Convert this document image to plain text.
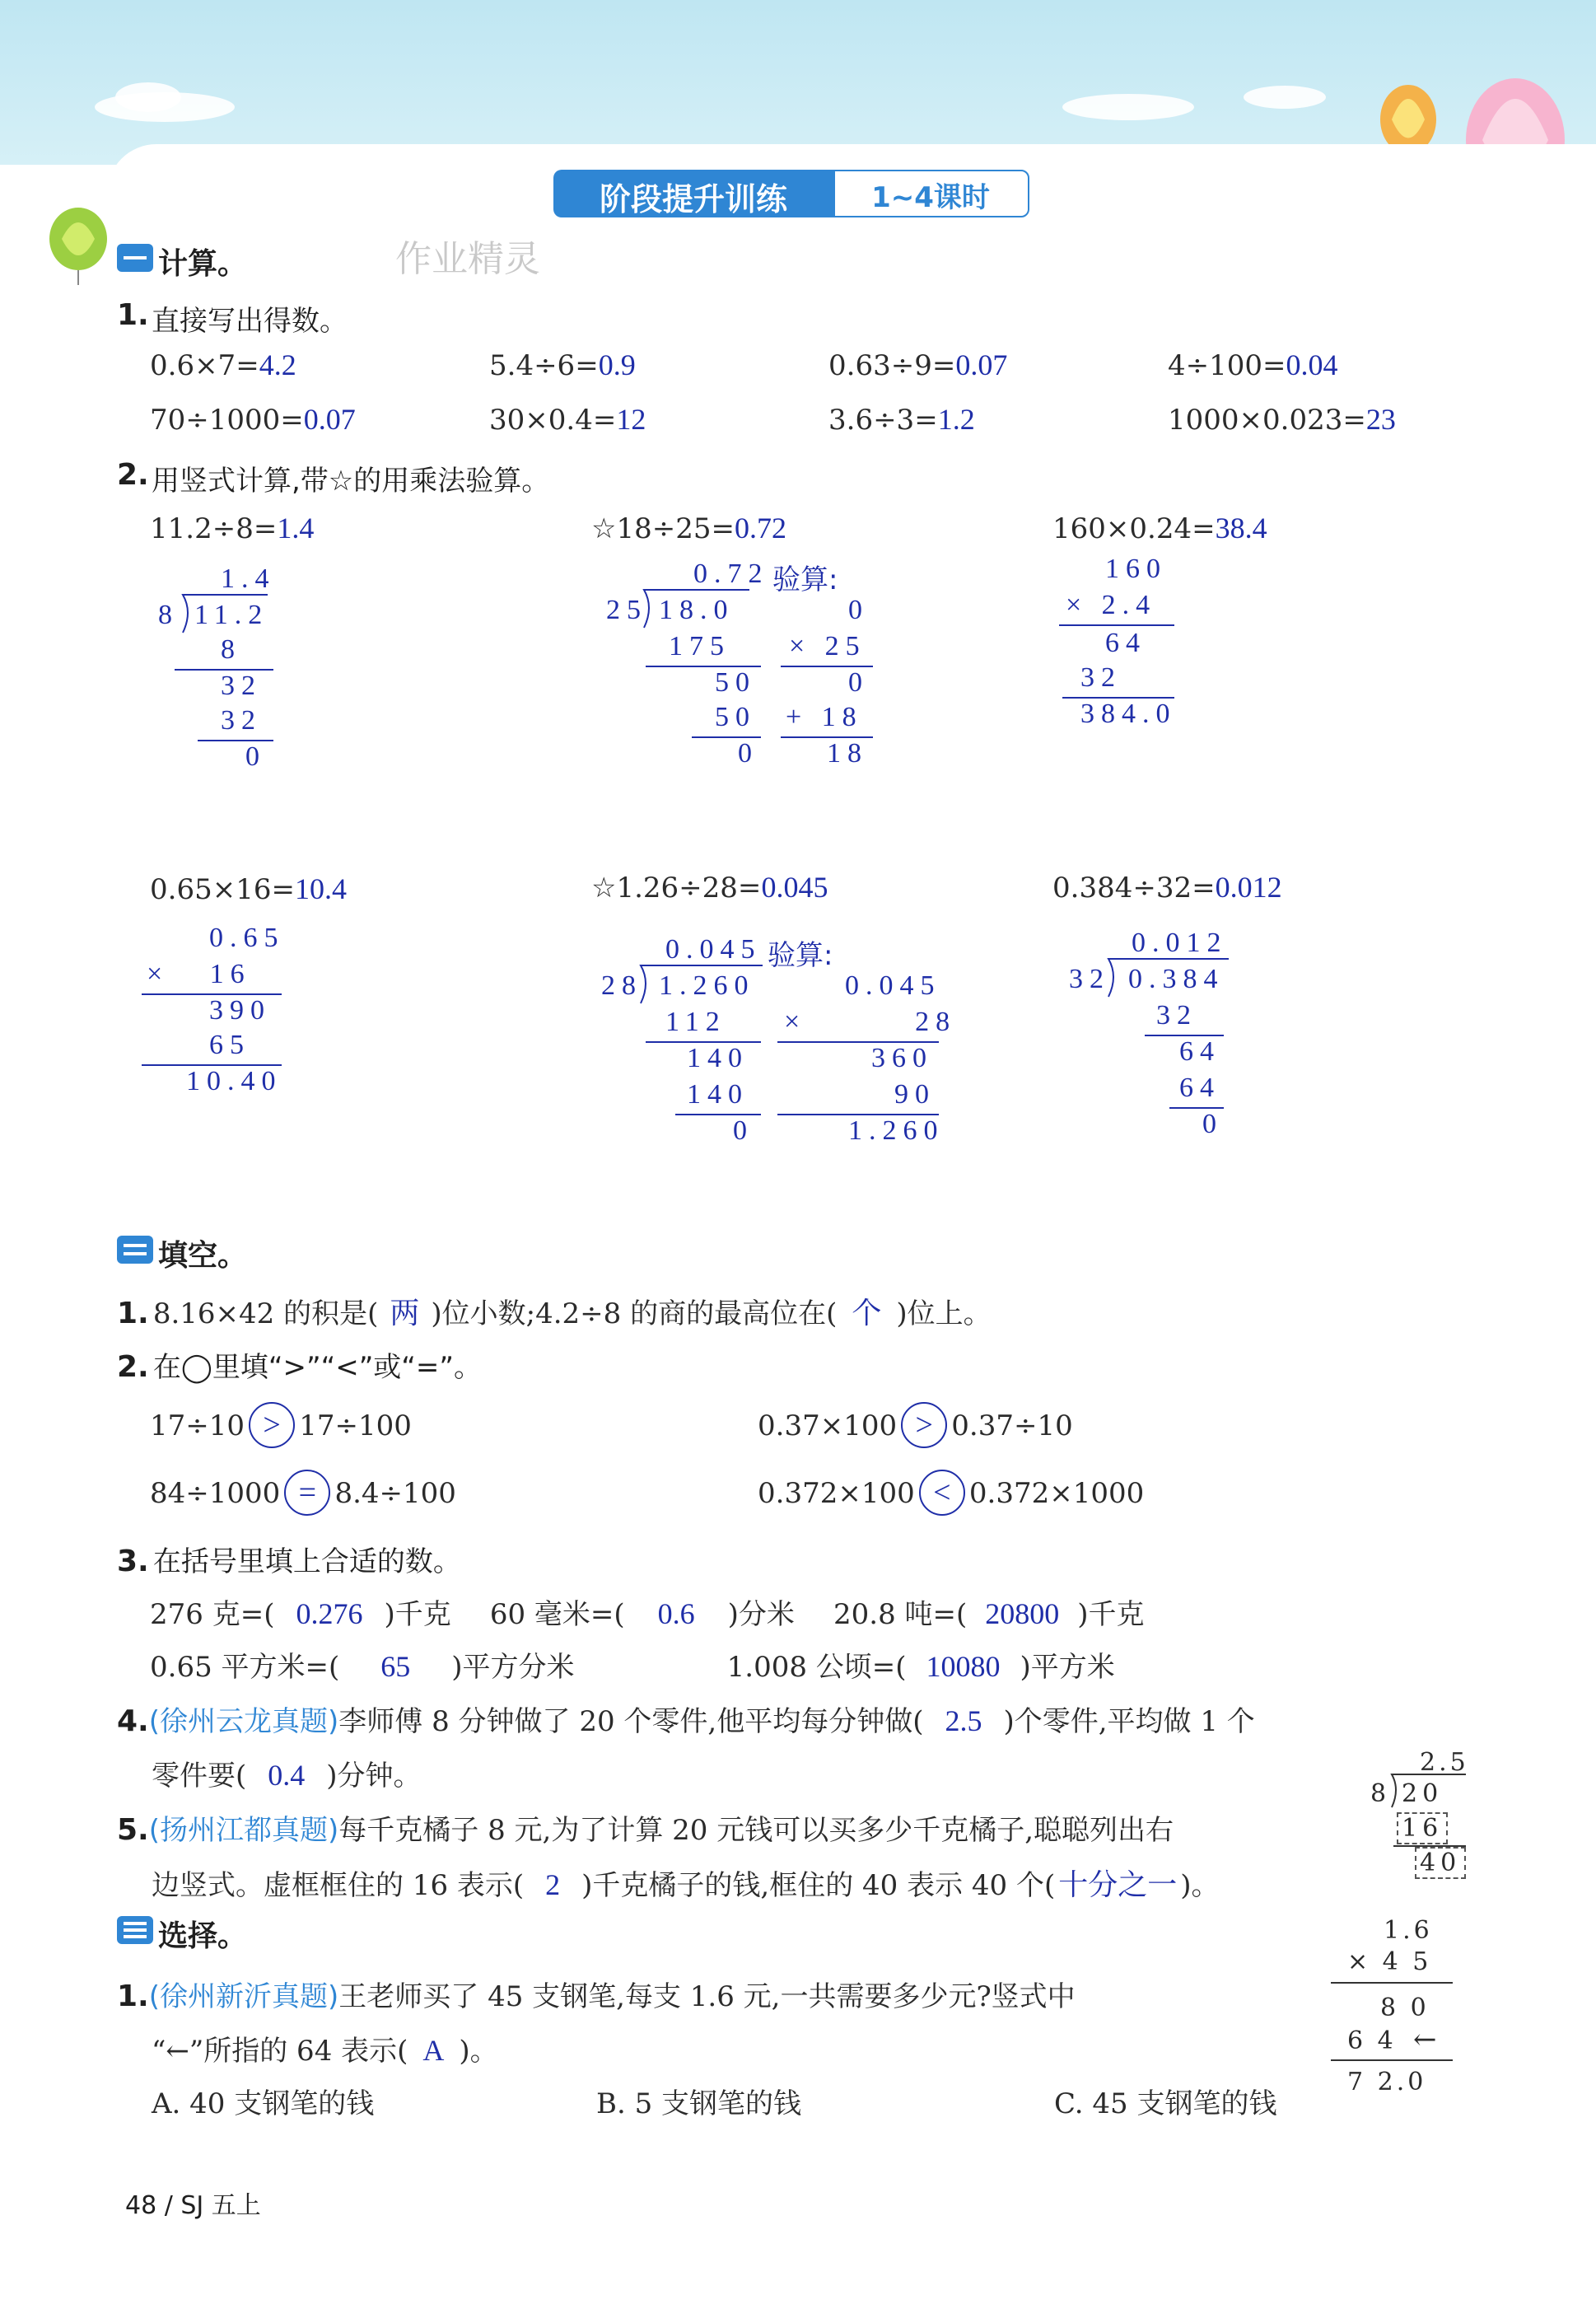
阶段提升训练	1~4课时
作业精灵
计算。
1. 直接写出得数。
0.6×7=4.2	5.4÷6=0.9	0.63÷9=0.07	4÷100=0.04
70÷1000=0.07	30×0.4=12	3.6÷3=1.2	1000×0.023=23
2. 用竖式计算,带☆的用乘法验算。
11.2÷8=1.4
1.4
8 11.2
8
32
32
0
☆18÷25=0.72
0.72 验算:
25 18.0
175
50
50
0
0
× 25
0
+ 18
18
160×0.24=38.4
160
× 2.4
64
32
384.0
0.65×16=10.4
0.65
×   16
390
65
10.40
☆1.26÷28=0.045
0.045 验算:
28 1.260
112
140
140
0
0.045
×        28
360
90
1.260
0.384÷32=0.012
0.012
32 0.384
32
64
64
0
填空。
1. 8.16×42 的积是( 两 )位小数;4.2÷8 的商的最高位在( 个 )位上。
2. 在◯里填“>”“<”或“=”。
17÷10 > 17÷100	0.37×100 > 0.37÷10
84÷1000 = 8.4÷100	0.372×100 < 0.372×1000
3. 在括号里填上合适的数。
276 克=( 0.276 )千克 60 毫米=( 0.6 )分米 20.8 吨=( 20800 )千克
0.65 平方米=( 65 )平方分米	1.008 公顷=( 10080 )平方米
4.(徐州云龙真题)李师傅 8 分钟做了 20 个零件,他平均每分钟做( 2.5 )个零件,平均做 1 个
零件要( 0.4 )分钟。
5.(扬州江都真题)每千克橘子 8 元,为了计算 20 元钱可以买多少千克橘子,聪聪列出右
边竖式。虚框框住的 16 表示( 2 )千克橘子的钱,框住的 40 表示 40 个( 十分之一 )。
2.5
8 20
16
40
选择。
1.(徐州新沂真题)王老师买了 45 支钢笔,每支 1.6 元,一共需要多少元?竖式中
“←”所指的 64 表示( A )。
A. 40 支钢笔的钱	B. 5 支钢笔的钱	C. 45 支钢笔的钱
1.6
× 4 5
8 0
6 4 ←
7 2.0
48 / SJ 五上
